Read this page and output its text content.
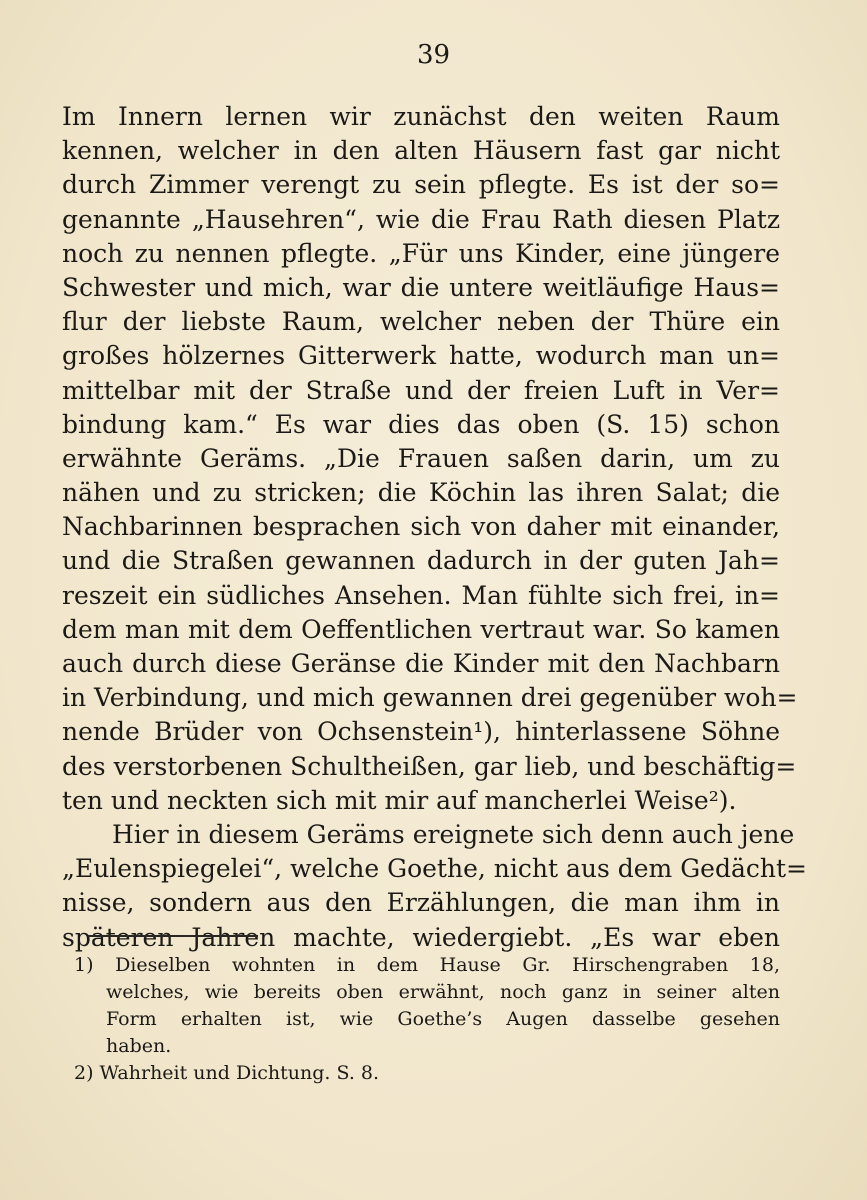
39
Im Innern lernen wir zunächst den weiten Raum
kennen, welcher in den alten Häusern fast gar nicht
durch Zimmer verengt zu sein pflegte. Es ist der so=
genannte „Hausehren“, wie die Frau Rath diesen Platz
noch zu nennen pflegte. „Für uns Kinder, eine jüngere
Schwester und mich, war die untere weitläufige Haus=
flur der liebste Raum, welcher neben der Thüre ein
großes hölzernes Gitterwerk hatte, wodurch man un=
mittelbar mit der Straße und der freien Luft in Ver=
bindung kam.“ Es war dies das oben (S. 15) schon
erwähnte Geräms. „Die Frauen saßen darin, um zu
nähen und zu stricken; die Köchin las ihren Salat; die
Nachbarinnen besprachen sich von daher mit einander,
und die Straßen gewannen dadurch in der guten Jah=
reszeit ein südliches Ansehen. Man fühlte sich frei, in=
dem man mit dem Oeffentlichen vertraut war. So kamen
auch durch diese Geränse die Kinder mit den Nachbarn
in Verbindung, und mich gewannen drei gegenüber woh=
nende Brüder von Ochsenstein¹), hinterlassene Söhne
des verstorbenen Schultheißen, gar lieb, und beschäftig=
ten und neckten sich mit mir auf mancherlei Weise²).
Hier in diesem Geräms ereignete sich denn auch jene
„Eulenspiegelei“, welche Goethe, nicht aus dem Gedächt=
nisse, sondern aus den Erzählungen, die man ihm in
späteren Jahren machte, wiedergiebt. „Es war eben
1) Dieselben wohnten in dem Hause Gr. Hirschengraben 18,
welches, wie bereits oben erwähnt, noch ganz in seiner alten
Form erhalten ist, wie Goethe’s Augen dasselbe gesehen
haben.
2) Wahrheit und Dichtung. S. 8.
